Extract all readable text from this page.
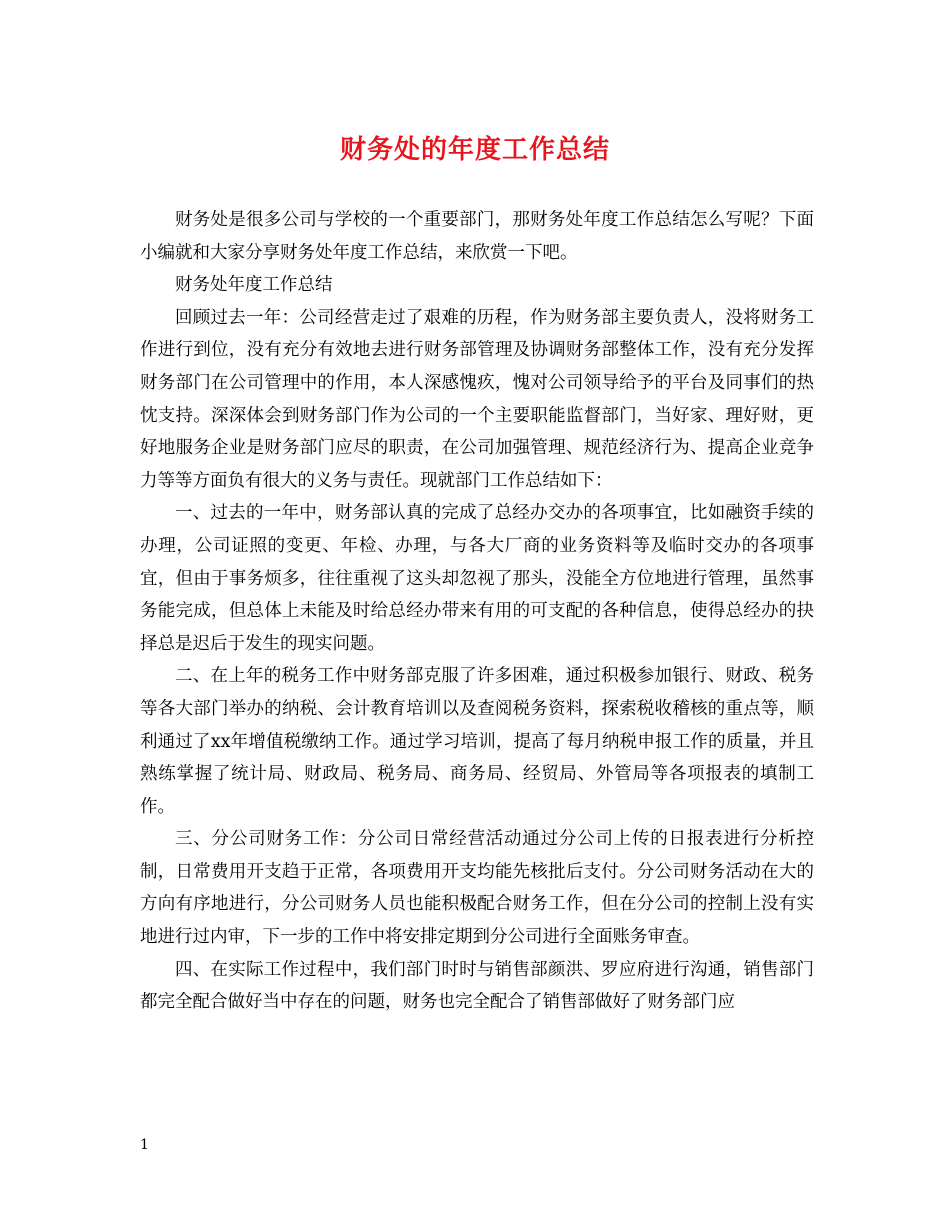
财务处的年度工作总结

财务处是很多公司与学校的一个重要部门，那财务处年度工作总结怎么写呢？下面小编就和大家分享财务处年度工作总结，来欣赏一下吧。

财务处年度工作总结

回顾过去一年：公司经营走过了艰难的历程，作为财务部主要负责人，没将财务工作进行到位，没有充分有效地去进行财务部管理及协调财务部整体工作，没有充分发挥财务部门在公司管理中的作用，本人深感愧疚，愧对公司领导给予的平台及同事们的热忱支持。深深体会到财务部门作为公司的一个主要职能监督部门，当好家、理好财，更好地服务企业是财务部门应尽的职责，在公司加强管理、规范经济行为、提高企业竞争力等等方面负有很大的义务与责任。现就部门工作总结如下：

一、过去的一年中，财务部认真的完成了总经办交办的各项事宜，比如融资手续的办理，公司证照的变更、年检、办理，与各大厂商的业务资料等及临时交办的各项事宜，但由于事务烦多，往往重视了这头却忽视了那头，没能全方位地进行管理，虽然事务能完成，但总体上未能及时给总经办带来有用的可支配的各种信息，使得总经办的抉择总是迟后于发生的现实问题。

二、在上年的税务工作中财务部克服了许多困难，通过积极参加银行、财政、税务等各大部门举办的纳税、会计教育培训以及查阅税务资料，探索税收稽核的重点等，顺利通过了xx年增值税缴纳工作。通过学习培训，提高了每月纳税申报工作的质量，并且熟练掌握了统计局、财政局、税务局、商务局、经贸局、外管局等各项报表的填制工作。

三、分公司财务工作：分公司日常经营活动通过分公司上传的日报表进行分析控制，日常费用开支趋于正常，各项费用开支均能先核批后支付。分公司财务活动在大的方向有序地进行，分公司财务人员也能积极配合财务工作，但在分公司的控制上没有实地进行过内审，下一步的工作中将安排定期到分公司进行全面账务审查。

四、在实际工作过程中，我们部门时时与销售部颜洪、罗应府进行沟通，销售部门都完全配合做好当中存在的问题，财务也完全配合了销售部做好了财务部门应

1
